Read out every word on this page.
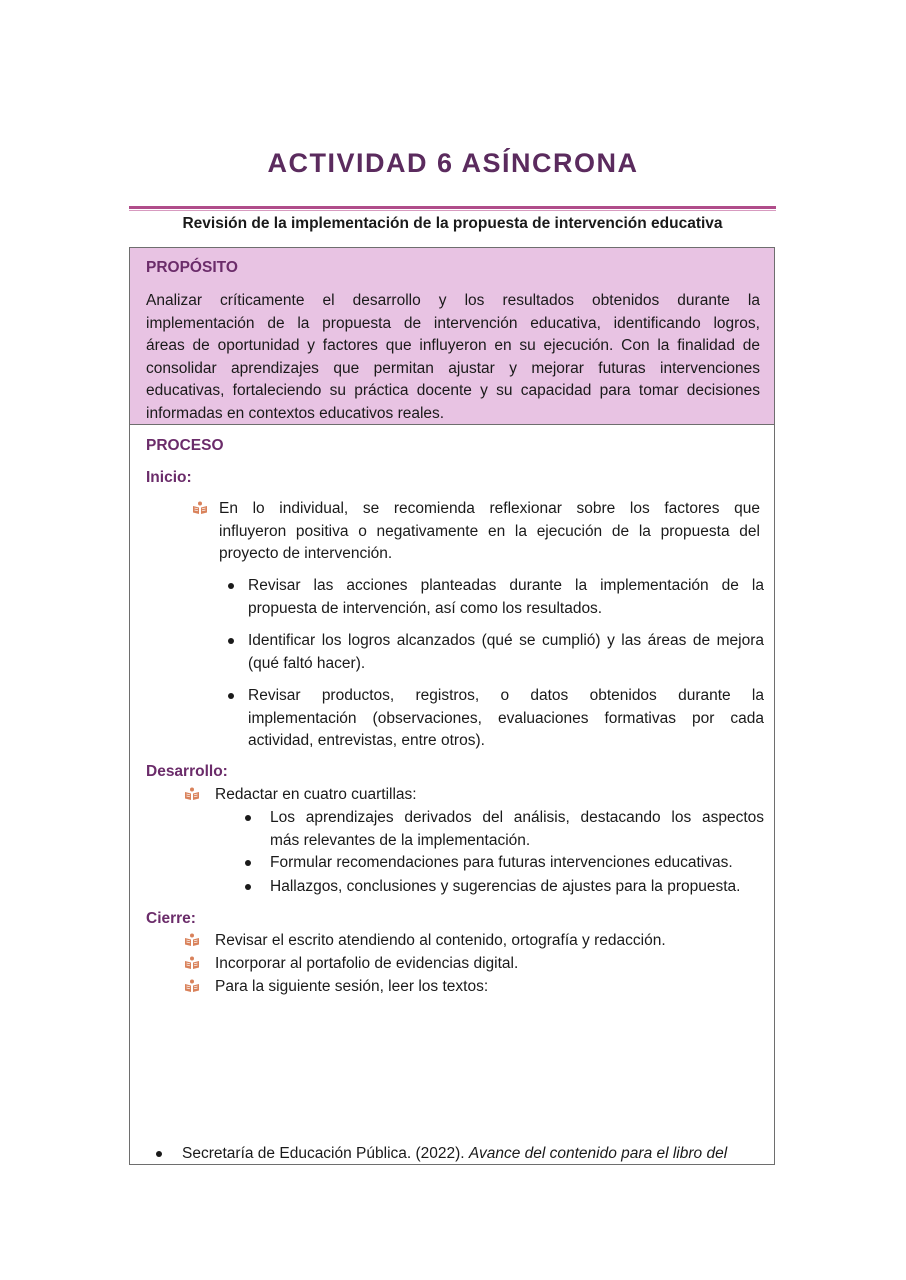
ACTIVIDAD 6 ASÍNCRONA
Revisión de la implementación de la propuesta de intervención educativa
PROPÓSITO
Analizar críticamente el desarrollo y los resultados obtenidos durante la
implementación de la propuesta de intervención educativa, identificando logros,
áreas de oportunidad y factores que influyeron en su ejecución. Con la finalidad de
consolidar aprendizajes que permitan ajustar y mejorar futuras intervenciones
educativas, fortaleciendo su práctica docente y su capacidad para tomar decisiones
informadas en contextos educativos reales.
PROCESO
Inicio:
En lo individual, se recomienda reflexionar sobre los factores que
influyeron positiva o negativamente en la ejecución de la propuesta del
proyecto de intervención.
Revisar las acciones planteadas durante la implementación de la
propuesta de intervención, así como los resultados.
Identificar los logros alcanzados (qué se cumplió) y las áreas de mejora
(qué faltó hacer).
Revisar productos, registros, o datos obtenidos durante la
implementación (observaciones, evaluaciones formativas por cada
actividad, entrevistas, entre otros).
Desarrollo:
Redactar en cuatro cuartillas:
Los aprendizajes derivados del análisis, destacando los aspectos
más relevantes de la implementación.
Formular recomendaciones para futuras intervenciones educativas.
Hallazgos, conclusiones y sugerencias de ajustes para la propuesta.
Cierre:
Revisar el escrito atendiendo al contenido, ortografía y redacción.
Incorporar al portafolio de evidencias digital.
Para la siguiente sesión, leer los textos:
Secretaría de Educación Pública. (2022). Avance del contenido para el libro del
